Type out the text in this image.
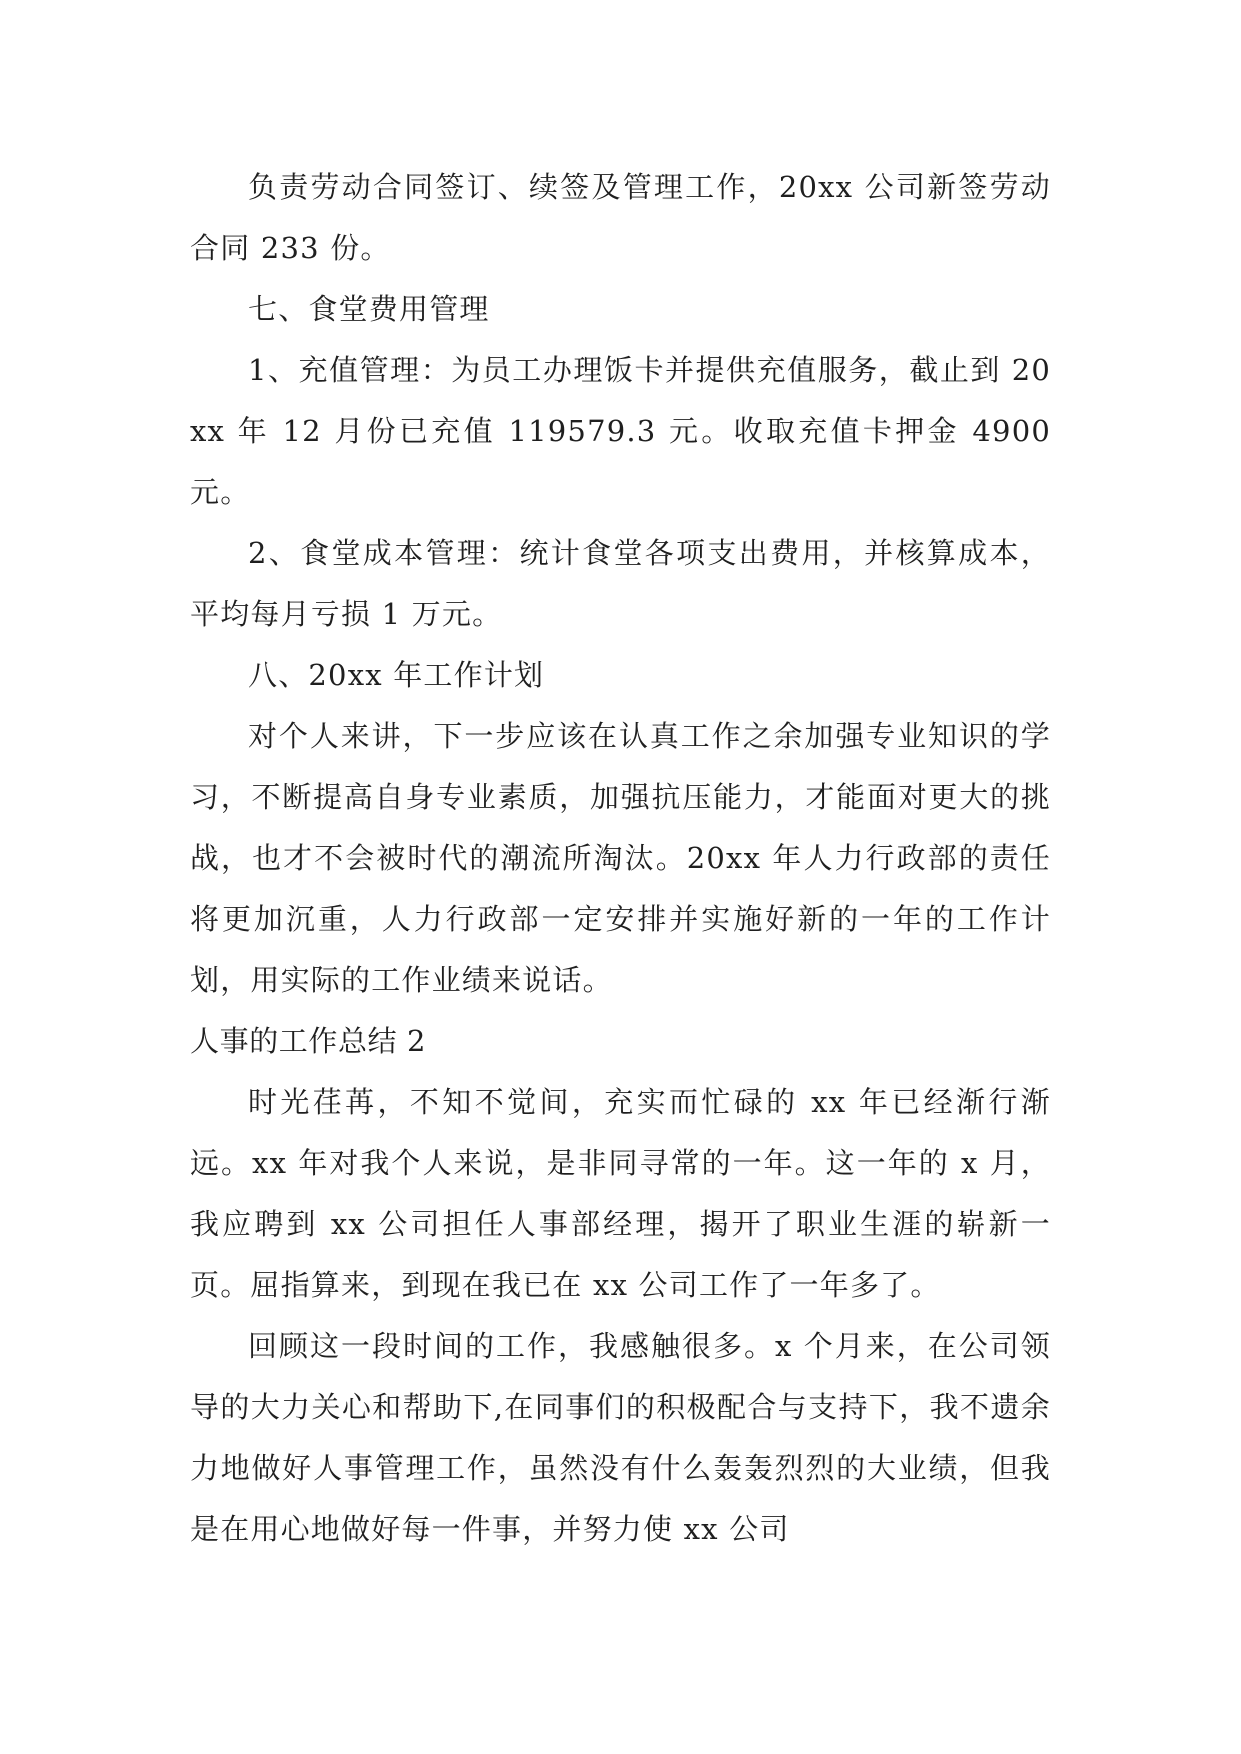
负责劳动合同签订、续签及管理工作，20xx 公司新签劳动合同 233 份。

七、食堂费用管理

1、充值管理：为员工办理饭卡并提供充值服务，截止到 20xx 年 12 月份已充值 119579.3 元。收取充值卡押金 4900 元。

2、食堂成本管理：统计食堂各项支出费用，并核算成本，平均每月亏损 1 万元。

八、20xx 年工作计划

对个人来讲，下一步应该在认真工作之余加强专业知识的学习，不断提高自身专业素质，加强抗压能力，才能面对更大的挑战，也才不会被时代的潮流所淘汰。20xx 年人力行政部的责任将更加沉重，人力行政部一定安排并实施好新的一年的工作计划，用实际的工作业绩来说话。

人事的工作总结 2

时光荏苒，不知不觉间，充实而忙碌的 xx 年已经渐行渐远。xx 年对我个人来说，是非同寻常的一年。这一年的 x 月，我应聘到 xx 公司担任人事部经理，揭开了职业生涯的崭新一页。屈指算来，到现在我已在 xx 公司工作了一年多了。

回顾这一段时间的工作，我感触很多。x 个月来，在公司领导的大力关心和帮助下,在同事们的积极配合与支持下，我不遗余力地做好人事管理工作，虽然没有什么轰轰烈烈的大业绩，但我是在用心地做好每一件事，并努力使 xx 公司
